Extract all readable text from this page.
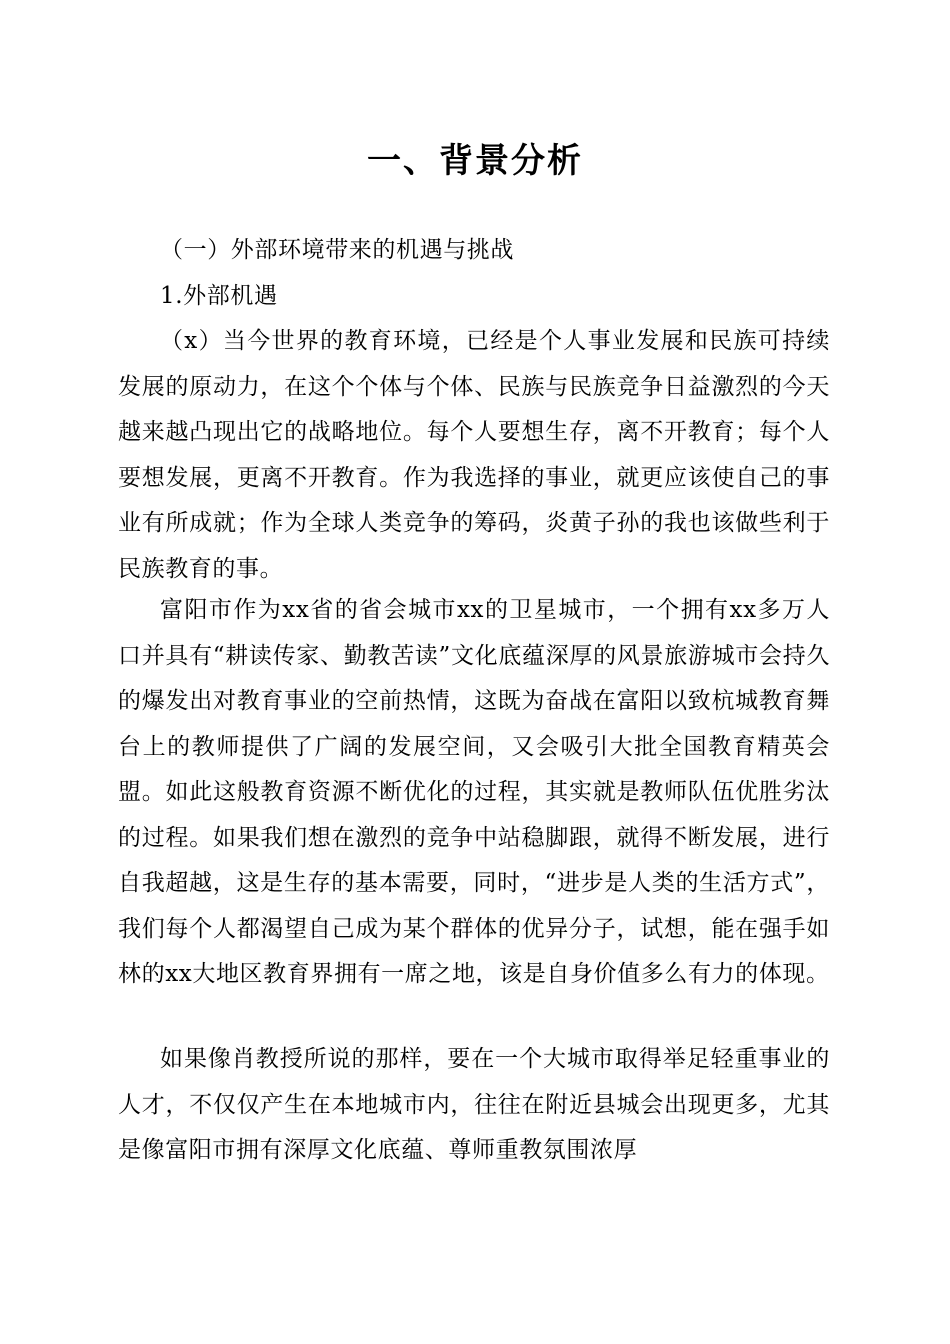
一、背景分析

（一）外部环境带来的机遇与挑战

1.外部机遇

（x）当今世界的教育环境，已经是个人事业发展和民族可持续发展的原动力，在这个个体与个体、民族与民族竞争日益激烈的今天越来越凸现出它的战略地位。每个人要想生存，离不开教育；每个人要想发展，更离不开教育。作为我选择的事业，就更应该使自己的事业有所成就；作为全球人类竞争的筹码，炎黄子孙的我也该做些利于民族教育的事。

富阳市作为xx省的省会城市xx的卫星城市，一个拥有xx多万人口并具有“耕读传家、勤教苦读”文化底蕴深厚的风景旅游城市会持久的爆发出对教育事业的空前热情，这既为奋战在富阳以致杭城教育舞台上的教师提供了广阔的发展空间，又会吸引大批全国教育精英会盟。如此这般教育资源不断优化的过程，其实就是教师队伍优胜劣汰的过程。如果我们想在激烈的竞争中站稳脚跟，就得不断发展，进行自我超越，这是生存的基本需要，同时，“进步是人类的生活方式”，我们每个人都渴望自己成为某个群体的优异分子，试想，能在强手如林的xx大地区教育界拥有一席之地，该是自身价值多么有力的体现。

如果像肖教授所说的那样，要在一个大城市取得举足轻重事业的人才，不仅仅产生在本地城市内，往往在附近县城会出现更多，尤其是像富阳市拥有深厚文化底蕴、尊师重教氛围浓厚
